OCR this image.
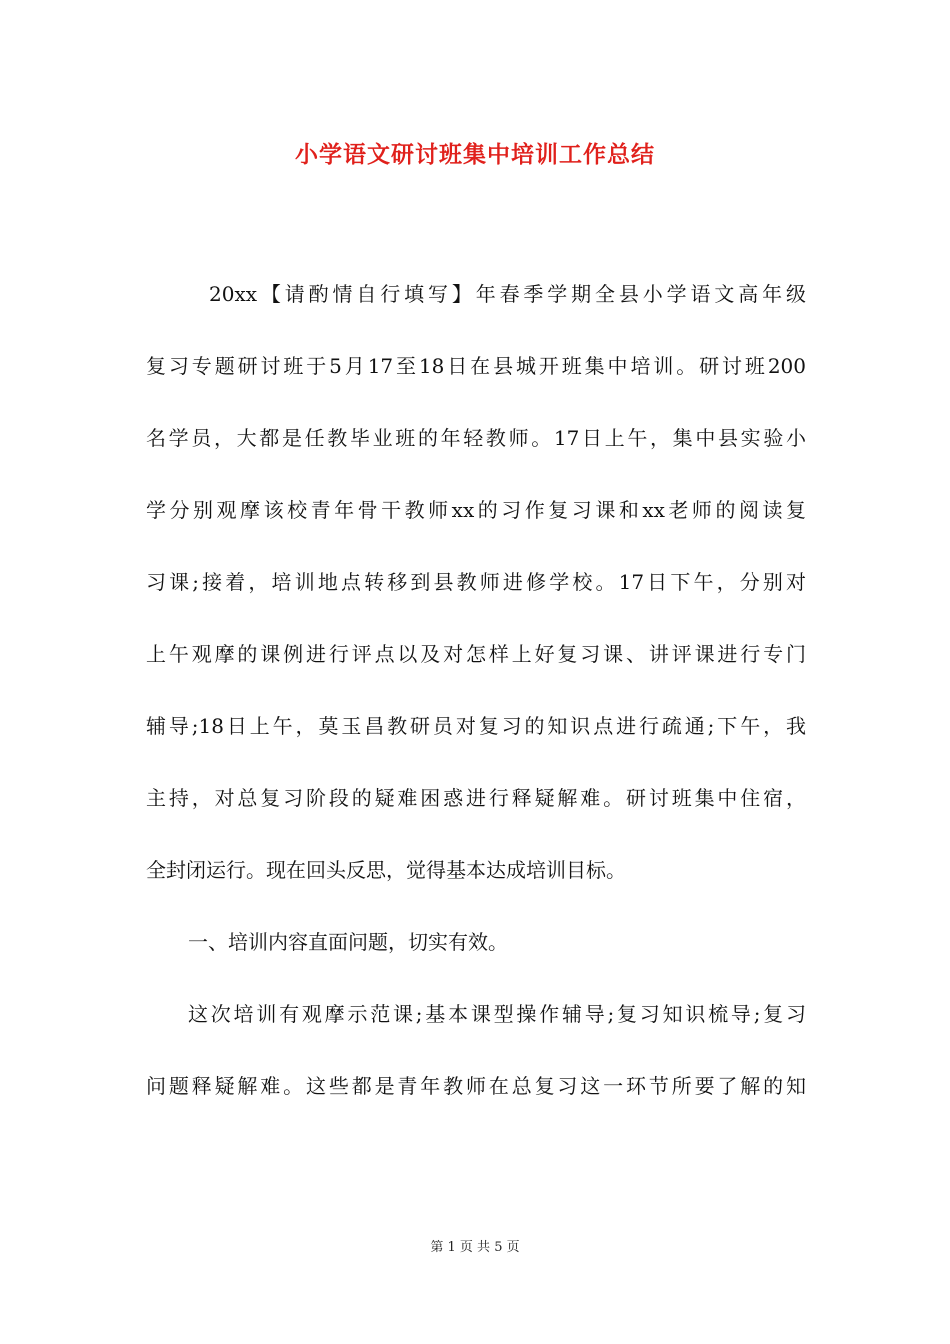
小学语文研讨班集中培训工作总结

20xx【请酌情自行填写】年春季学期全县小学语文高年级
复习专题研讨班于5月17至18日在县城开班集中培训。研讨班200
名学员，大都是任教毕业班的年轻教师。17日上午，集中县实验小
学分别观摩该校青年骨干教师xx的习作复习课和xx老师的阅读复
习课;接着，培训地点转移到县教师进修学校。17日下午，分别对
上午观摩的课例进行评点以及对怎样上好复习课、讲评课进行专门
辅导;18日上午，莫玉昌教研员对复习的知识点进行疏通;下午，我
主持，对总复习阶段的疑难困惑进行释疑解难。研讨班集中住宿，
全封闭运行。现在回头反思，觉得基本达成培训目标。

一、培训内容直面问题，切实有效。

这次培训有观摩示范课;基本课型操作辅导;复习知识梳导;复习
问题释疑解难。这些都是青年教师在总复习这一环节所要了解的知

第 1 页 共 5 页
